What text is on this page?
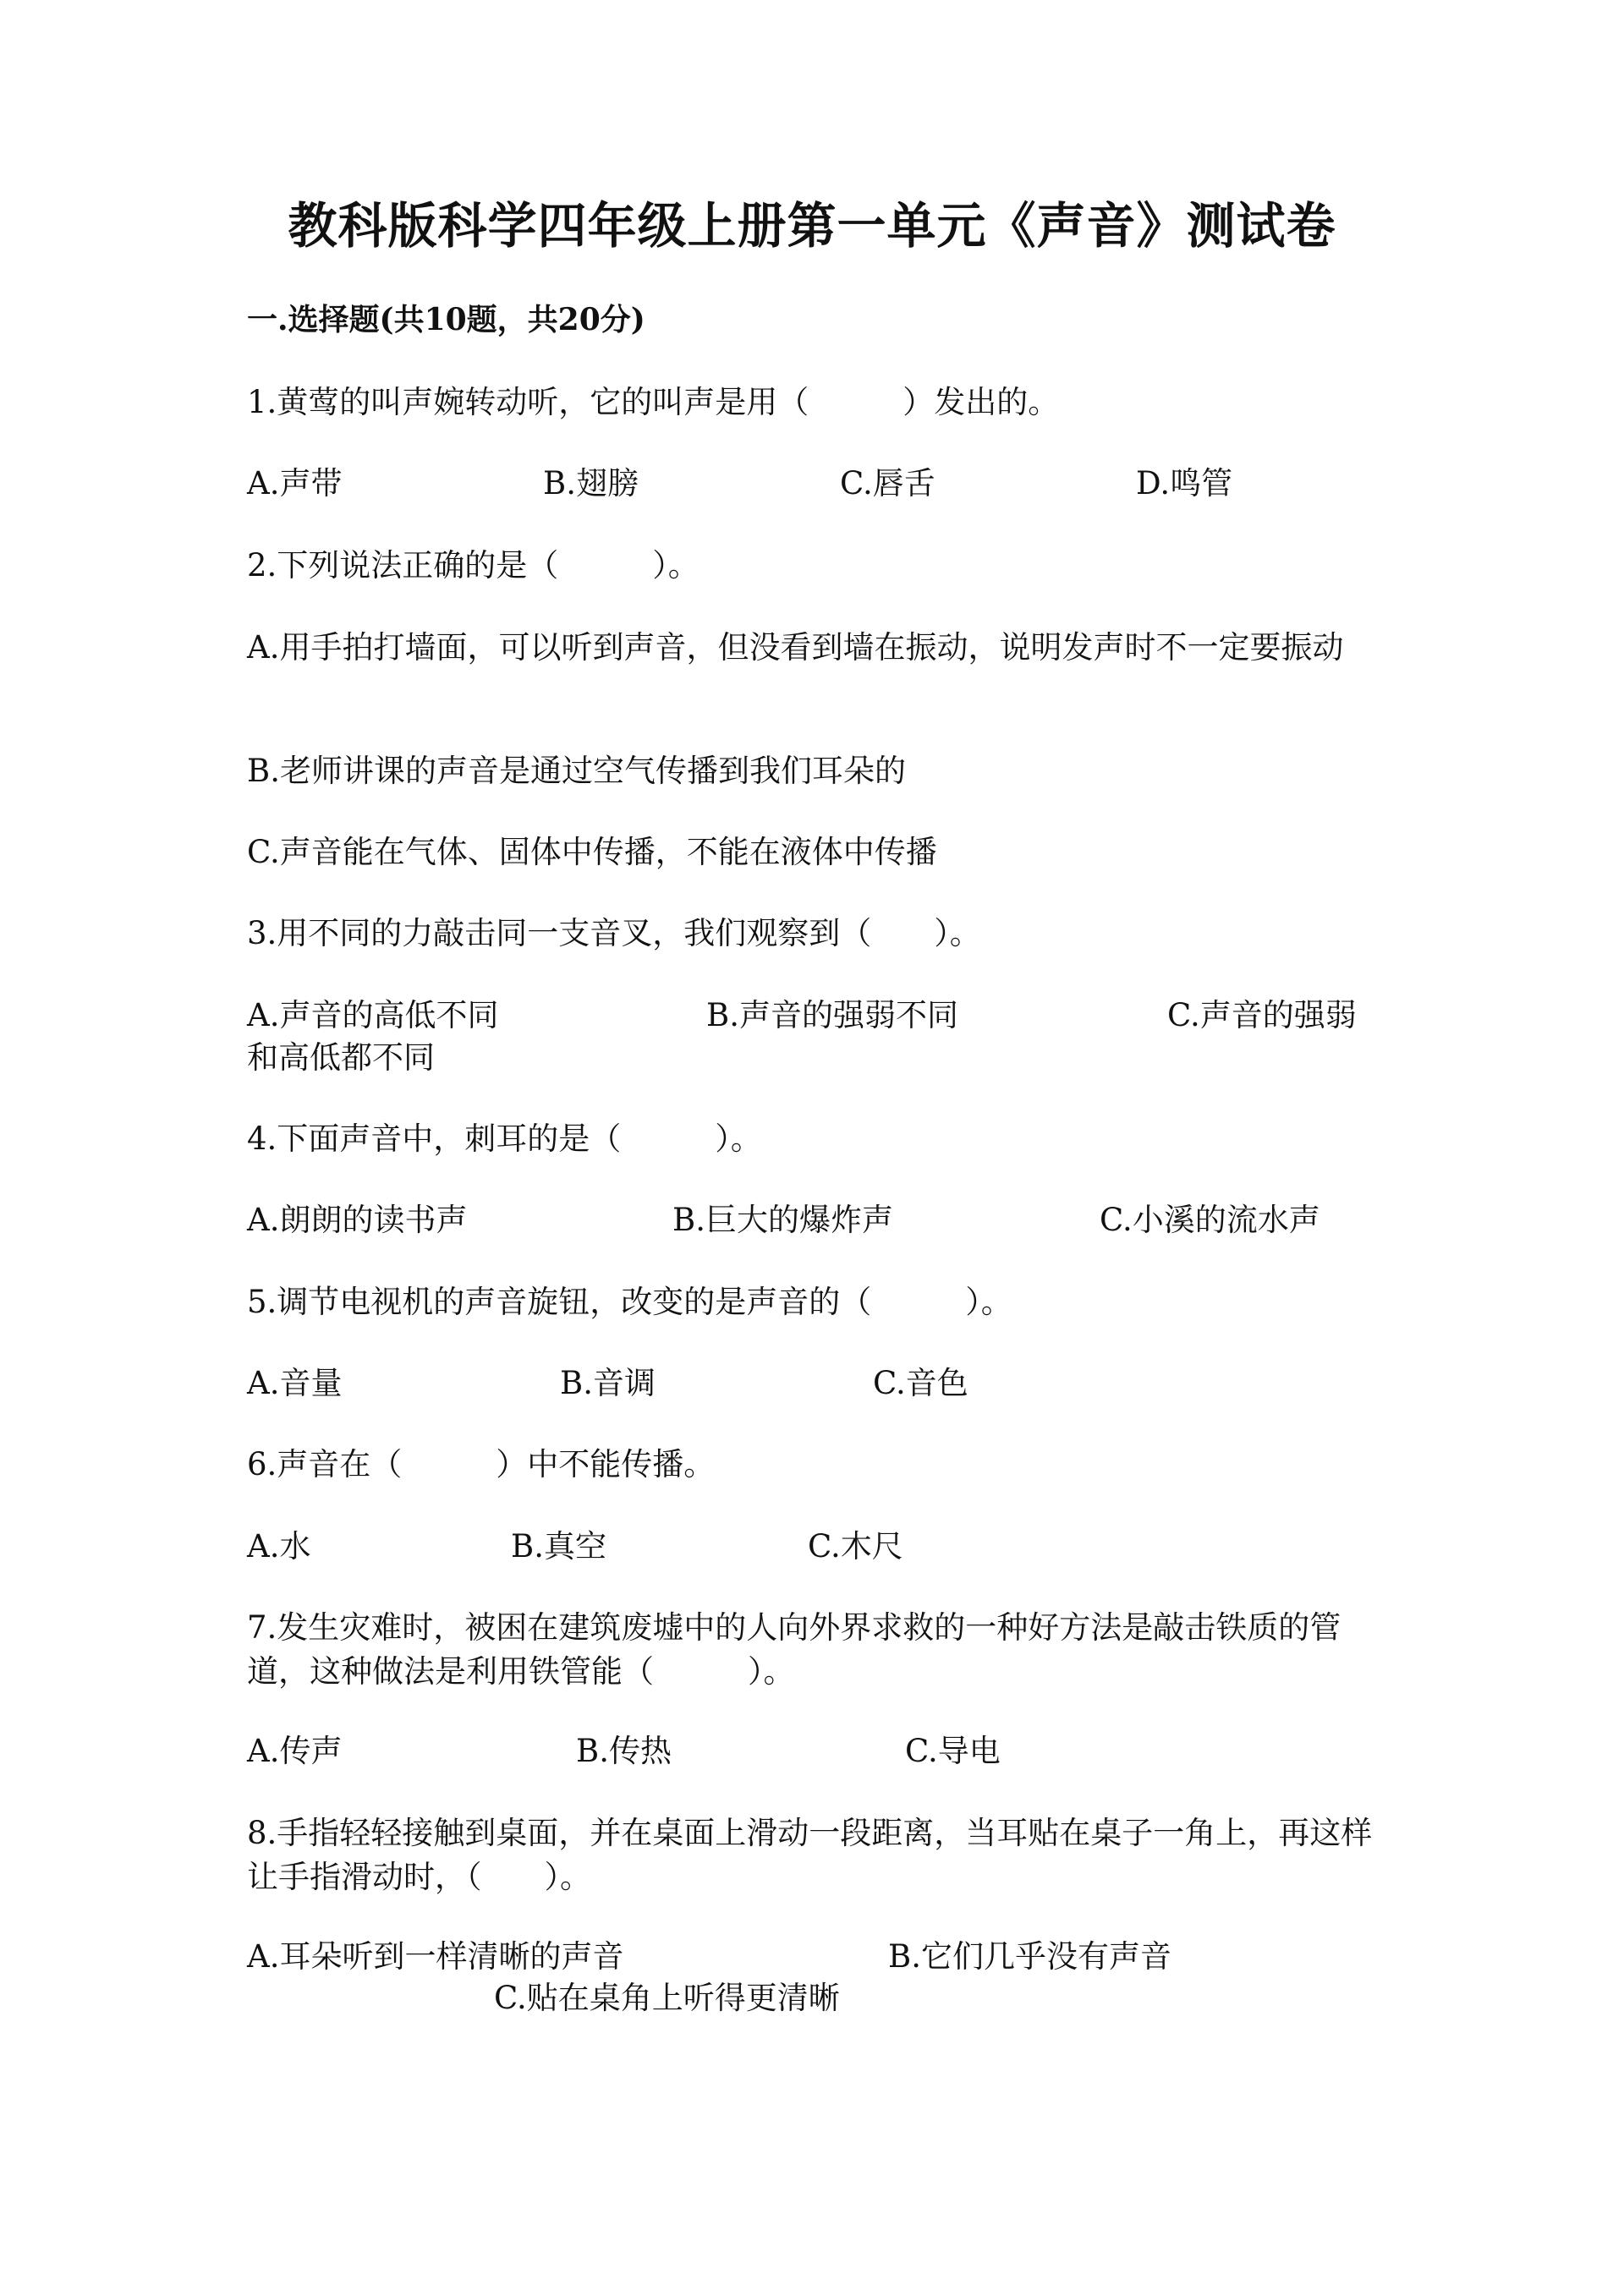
教科版科学四年级上册第一单元《声音》测试卷
一.选择题(共10题，共20分)
1.黄莺的叫声婉转动听，它的叫声是用（　　　）发出的。
A.声带	B.翅膀	C.唇舌	D.鸣管
2.下列说法正确的是（　　　）。
A.用手拍打墙面，可以听到声音，但没看到墙在振动，说明发声时不一定要振动
B.老师讲课的声音是通过空气传播到我们耳朵的
C.声音能在气体、固体中传播，不能在液体中传播
3.用不同的力敲击同一支音叉，我们观察到（　　）。
A.声音的高低不同	B.声音的强弱不同	C.声音的强弱
和高低都不同
4.下面声音中，刺耳的是（　　　）。
A.朗朗的读书声	B.巨大的爆炸声	C.小溪的流水声
5.调节电视机的声音旋钮，改变的是声音的（　　　）。
A.音量	B.音调	C.音色
6.声音在（　　　）中不能传播。
A.水	B.真空	C.木尺
7.发生灾难时，被困在建筑废墟中的人向外界求救的一种好方法是敲击铁质的管道，这种做法是利用铁管能（　　　）。
A.传声	B.传热	C.导电
8.手指轻轻接触到桌面，并在桌面上滑动一段距离，当耳贴在桌子一角上，再这样让手指滑动时，（　　）。
A.耳朵听到一样清晰的声音	B.它们几乎没有声音
C.贴在桌角上听得更清晰
